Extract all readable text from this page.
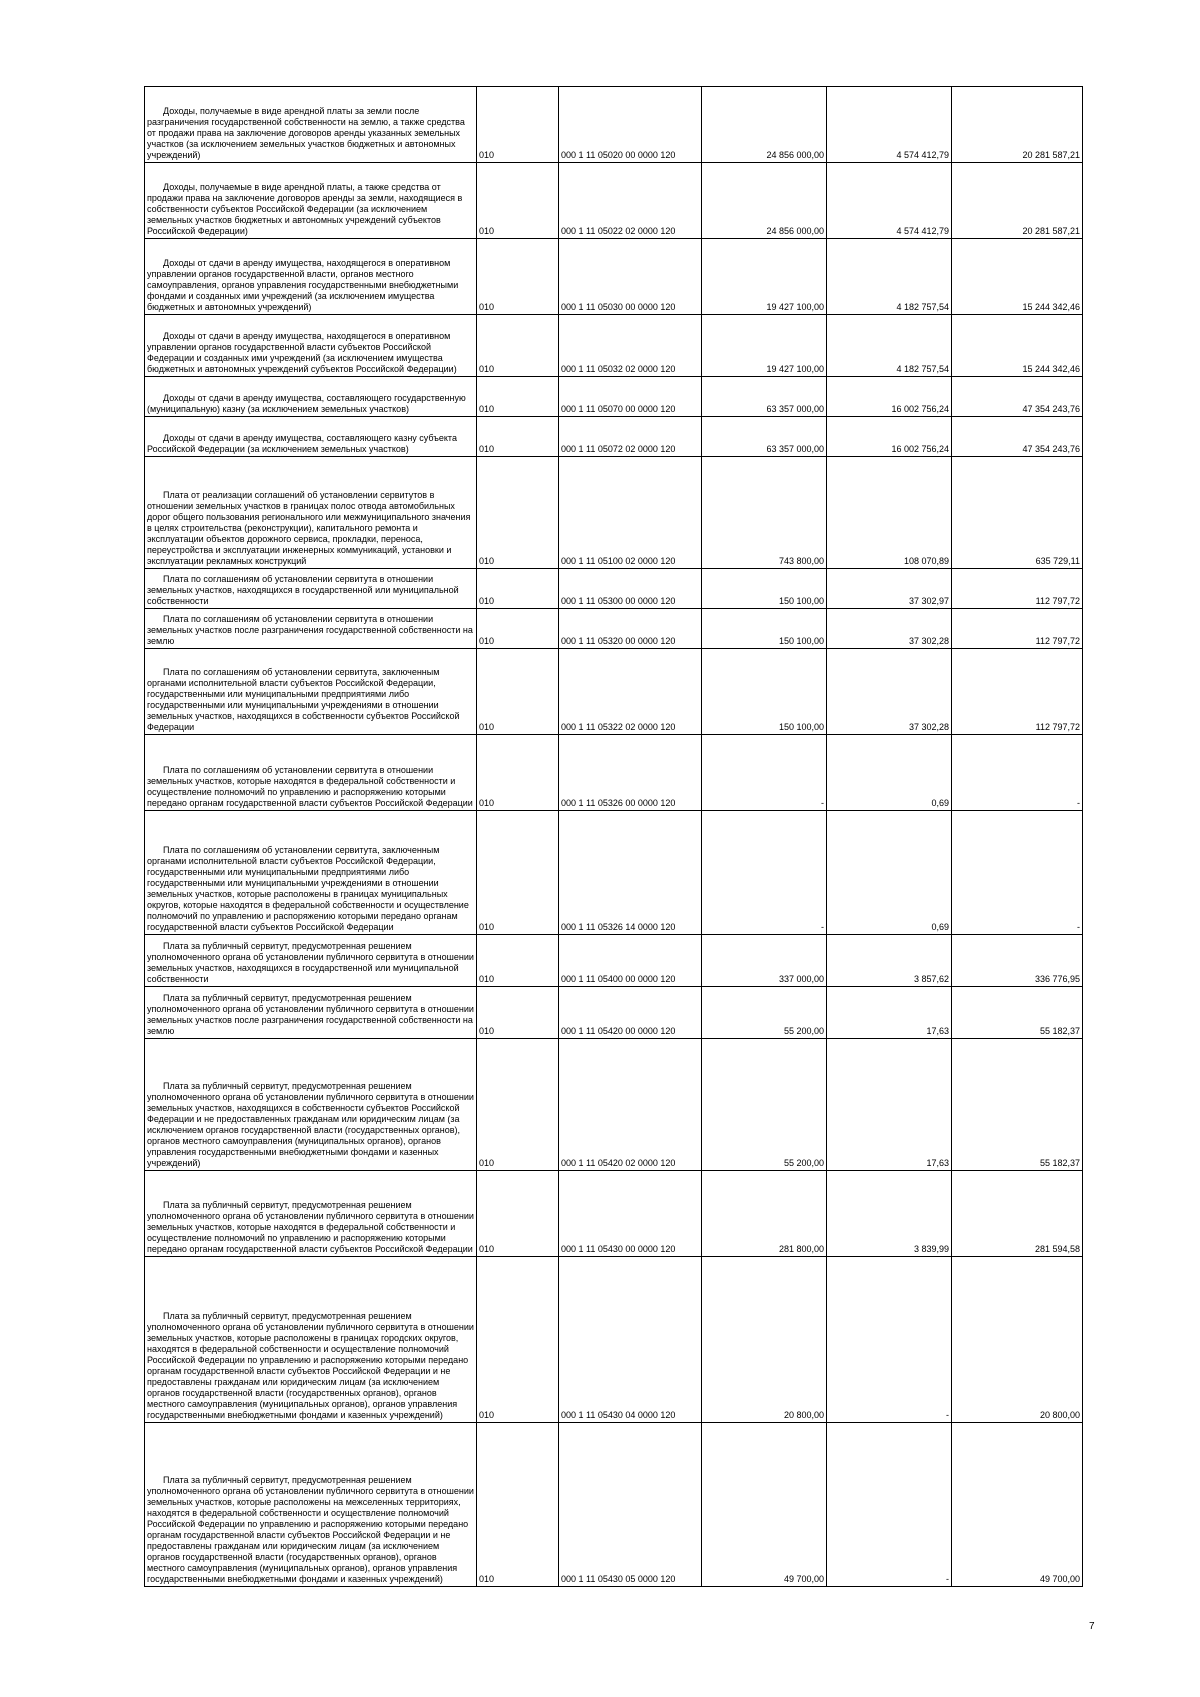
Доходы, получаемые в виде арендной платы за земли после разграничения государственной собственности на землю, а также средства от продажи права на заключение договоров аренды указанных земельных участков (за исключением земельных участков бюджетных и автономных учреждений)	010	000 1 11 05020 00 0000 120	24 856 000,00	4 574 412,79	20 281 587,21

Доходы, получаемые в виде арендной платы, а также средства от продажи права на заключение договоров аренды за земли, находящиеся в собственности субъектов Российской Федерации (за исключением земельных участков бюджетных и автономных учреждений субъектов Российской Федерации)	010	000 1 11 05022 02 0000 120	24 856 000,00	4 574 412,79	20 281 587,21

Доходы от сдачи в аренду имущества, находящегося в оперативном управлении органов государственной власти, органов местного самоуправления, органов управления государственными внебюджетными фондами и созданных ими учреждений (за исключением имущества бюджетных и автономных учреждений)	010	000 1 11 05030 00 0000 120	19 427 100,00	4 182 757,54	15 244 342,46

Доходы от сдачи в аренду имущества, находящегося в оперативном управлении органов государственной власти субъектов Российской Федерации и созданных ими учреждений (за исключением имущества бюджетных и автономных учреждений субъектов Российской Федерации)	010	000 1 11 05032 02 0000 120	19 427 100,00	4 182 757,54	15 244 342,46

Доходы от сдачи в аренду имущества, составляющего государственную (муниципальную) казну (за исключением земельных участков)	010	000 1 11 05070 00 0000 120	63 357 000,00	16 002 756,24	47 354 243,76

Доходы от сдачи в аренду имущества, составляющего казну субъекта Российской Федерации (за исключением земельных участков)	010	000 1 11 05072 02 0000 120	63 357 000,00	16 002 756,24	47 354 243,76

Плата от реализации соглашений об установлении сервитутов в отношении земельных участков в границах полос отвода автомобильных дорог общего пользования регионального или межмуниципального значения в целях строительства (реконструкции), капитального ремонта и эксплуатации объектов дорожного сервиса, прокладки, переноса, переустройства и эксплуатации инженерных коммуникаций, установки и эксплуатации рекламных конструкций	010	000 1 11 05100 02 0000 120	743 800,00	108 070,89	635 729,11

Плата по соглашениям об установлении сервитута в отношении земельных участков, находящихся в государственной или муниципальной собственности	010	000 1 11 05300 00 0000 120	150 100,00	37 302,97	112 797,72

Плата по соглашениям об установлении сервитута в отношении земельных участков после разграничения государственной собственности на землю	010	000 1 11 05320 00 0000 120	150 100,00	37 302,28	112 797,72

Плата по соглашениям об установлении сервитута, заключенным органами исполнительной власти субъектов Российской Федерации, государственными или муниципальными предприятиями либо государственными или муниципальными учреждениями в отношении земельных участков, находящихся в собственности субъектов Российской Федерации	010	000 1 11 05322 02 0000 120	150 100,00	37 302,28	112 797,72

Плата по соглашениям об установлении сервитута в отношении земельных участков, которые находятся в федеральной собственности и осуществление полномочий по управлению и распоряжению которыми передано органам государственной власти субъектов Российской Федерации	010	000 1 11 05326 00 0000 120	-	0,69	-

Плата по соглашениям об установлении сервитута, заключенным органами исполнительной власти субъектов Российской Федерации, государственными или муниципальными предприятиями либо государственными или муниципальными учреждениями в отношении земельных участков, которые расположены в границах муниципальных округов, которые находятся в федеральной собственности и осуществление полномочий по управлению и распоряжению которыми передано органам государственной власти субъектов Российской Федерации	010	000 1 11 05326 14 0000 120	-	0,69	-

Плата за публичный сервитут, предусмотренная решением уполномоченного органа об установлении публичного сервитута в отношении земельных участков, находящихся в государственной или муниципальной собственности	010	000 1 11 05400 00 0000 120	337 000,00	3 857,62	336 776,95

Плата за публичный сервитут, предусмотренная решением уполномоченного органа об установлении публичного сервитута в отношении земельных участков после разграничения государственной собственности на землю	010	000 1 11 05420 00 0000 120	55 200,00	17,63	55 182,37

Плата за публичный сервитут, предусмотренная решением уполномоченного органа об установлении публичного сервитута в отношении земельных участков, находящихся в собственности субъектов Российской Федерации и не предоставленных гражданам или юридическим лицам (за исключением органов государственной власти (государственных органов), органов местного самоуправления (муниципальных органов), органов управления государственными внебюджетными фондами и казенных учреждений)	010	000 1 11 05420 02 0000 120	55 200,00	17,63	55 182,37

Плата за публичный сервитут, предусмотренная решением уполномоченного органа об установлении публичного сервитута в отношении земельных участков, которые находятся в федеральной собственности и осуществление полномочий по управлению и распоряжению которыми передано органам государственной власти субъектов Российской Федерации	010	000 1 11 05430 00 0000 120	281 800,00	3 839,99	281 594,58

Плата за публичный сервитут, предусмотренная решением уполномоченного органа об установлении публичного сервитута в отношении земельных участков, которые расположены в границах городских округов, находятся в федеральной собственности и осуществление полномочий Российской Федерации по управлению и распоряжению которыми передано органам государственной власти субъектов Российской Федерации и не предоставлены гражданам или юридическим лицам (за исключением органов государственной власти (государственных органов), органов местного самоуправления (муниципальных органов), органов управления государственными внебюджетными фондами и казенных учреждений)	010	000 1 11 05430 04 0000 120	20 800,00	-	20 800,00

Плата за публичный сервитут, предусмотренная решением уполномоченного органа об установлении публичного сервитута в отношении земельных участков, которые расположены на межселенных территориях, находятся в федеральной собственности и осуществление полномочий Российской Федерации по управлению и распоряжению которыми передано органам государственной власти субъектов Российской Федерации и не предоставлены гражданам или юридическим лицам (за исключением органов государственной власти (государственных органов), органов местного самоуправления (муниципальных органов), органов управления государственными внебюджетными фондами и казенных учреждений)	010	000 1 11 05430 05 0000 120	49 700,00	-	49 700,00
7
